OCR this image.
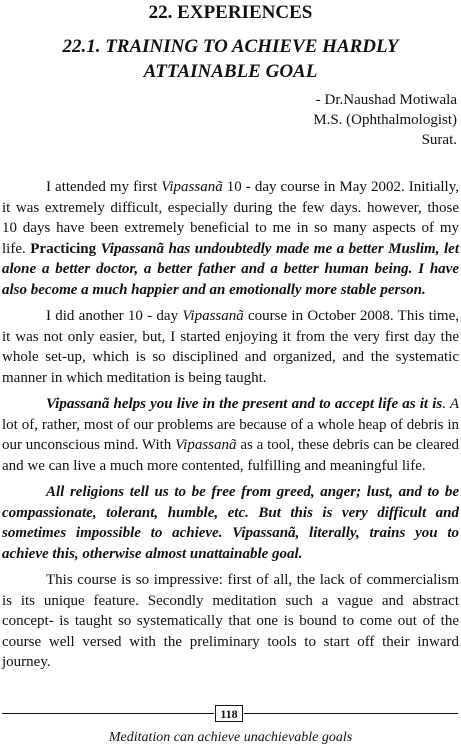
22. EXPERIENCES
22.1. TRAINING TO ACHIEVE HARDLY
ATTAINABLE GOAL
- Dr.Naushad Motiwala
M.S. (Ophthalmologist)
Surat.

I attended my first Vipassanã 10 - day course in May 2002. Initially, it was extremely difficult, especially during the few days. however, those 10 days have been extremely beneficial to me in so many aspects of my life. Practicing Vipassanã has undoubtedly made me a better Muslim, let alone a better doctor, a better father and a better human being. I have also become a much happier and an emotionally more stable person.

I did another 10 - day Vipassanã course in October 2008. This time, it was not only easier, but, I started enjoying it from the very first day the whole set-up, which is so disciplined and organized, and the systematic manner in which meditation is being taught.

Vipassanã helps you live in the present and to accept life as it is. A lot of, rather, most of our problems are because of a whole heap of debris in our unconscious mind. With Vipassanã as a tool, these debris can be cleared and we can live a much more contented, fulfilling and meaningful life.

All religions tell us to be free from greed, anger; lust, and to be compassionate, tolerant, humble, etc. But this is very difficult and sometimes impossible to achieve. Vipassanã, literally, trains you to achieve this, otherwise almost unattainable goal.

This course is so impressive: first of all, the lack of commercialism is its unique feature. Secondly meditation such a vague and abstract concept- is taught so systematically that one is bound to come out of the course well versed with the preliminary tools to start off their inward journey.

118
Meditation can achieve unachievable goals
